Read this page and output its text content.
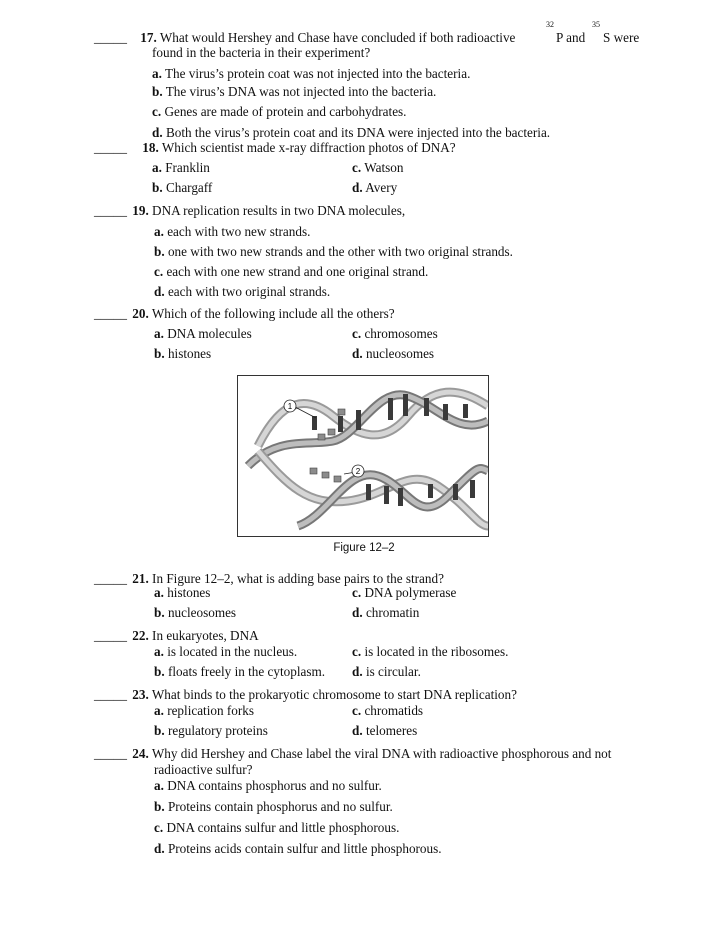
_____ 17. What would Hershey and Chase have concluded if both radioactive
32
P and
35
S were
found in the bacteria in their experiment?
a. The virus’s protein coat was not injected into the bacteria.
b. The virus’s DNA was not injected into the bacteria.
c. Genes are made of protein and carbohydrates.
d. Both the virus’s protein coat and its DNA were injected into the bacteria.
_____ 18. Which scientist made x-ray diffraction photos of DNA?
a. Franklin
b. Chargaff
c. Watson
d. Avery
_____ 19. DNA replication results in two DNA molecules,
a. each with two new strands.
b. one with two new strands and the other with two original strands.
c. each with one new strand and one original strand.
d. each with two original strands.
_____ 20. Which of the following include all the others?
a. DNA molecules
b. histones
c. chromosomes
d. nucleosomes
1
2
Figure 12–2
_____ 21. In Figure 12–2, what is adding base pairs to the strand?
a. histones
b. nucleosomes
c. DNA polymerase
d. chromatin
_____ 22. In eukaryotes, DNA
a. is located in the nucleus.
b. floats freely in the cytoplasm.
c. is located in the ribosomes.
d. is circular.
_____ 23. What binds to the prokaryotic chromosome to start DNA replication?
a. replication forks
b. regulatory proteins
c. chromatids
d. telomeres
_____ 24. Why did Hershey and Chase label the viral DNA with radioactive phosphorous and not
radioactive sulfur?
a. DNA contains phosphorus and no sulfur.
b. Proteins contain phosphorus and no sulfur.
c. DNA contains sulfur and little phosphorous.
d. Proteins acids contain sulfur and little phosphorous.
